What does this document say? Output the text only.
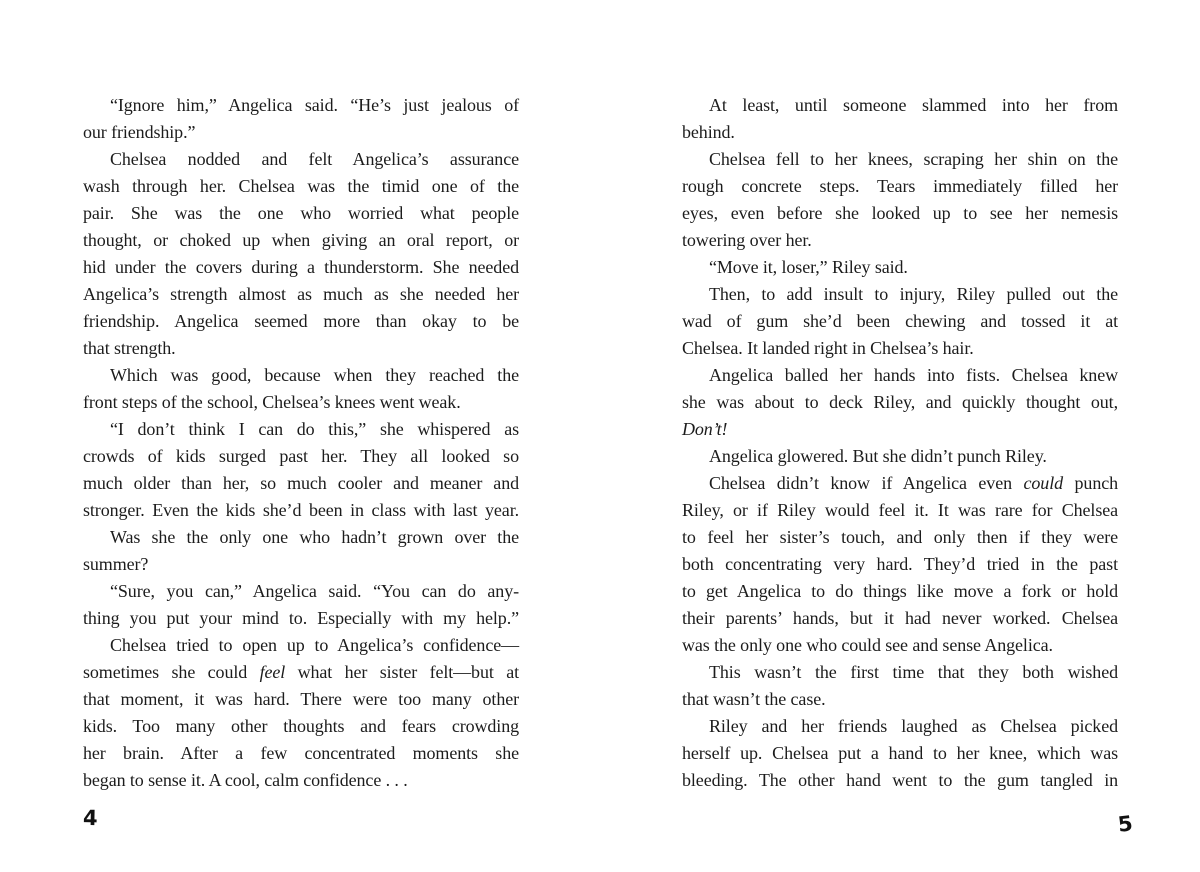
“Ignore him,” Angelica said. “He’s just jealous of
our friendship.”
Chelsea nodded and felt Angelica’s assurance
wash through her. Chelsea was the timid one of the
pair. She was the one who worried what people
thought, or choked up when giving an oral report, or
hid under the covers during a thunderstorm. She needed
Angelica’s strength almost as much as she needed her
friendship. Angelica seemed more than okay to be
that strength.
Which was good, because when they reached the
front steps of the school, Chelsea’s knees went weak.
“I don’t think I can do this,” she whispered as
crowds of kids surged past her. They all looked so
much older than her, so much cooler and meaner and
stronger. Even the kids she’d been in class with last year.
Was she the only one who hadn’t grown over the
summer?
“Sure, you can,” Angelica said. “You can do any-
thing you put your mind to. Especially with my help.”
Chelsea tried to open up to Angelica’s confidence—
sometimes she could feel what her sister felt—but at
that moment, it was hard. There were too many other
kids. Too many other thoughts and fears crowding
her brain. After a few concentrated moments she
began to sense it. A cool, calm confidence . . .
At least, until someone slammed into her from
behind.
Chelsea fell to her knees, scraping her shin on the
rough concrete steps. Tears immediately filled her
eyes, even before she looked up to see her nemesis
towering over her.
“Move it, loser,” Riley said.
Then, to add insult to injury, Riley pulled out the
wad of gum she’d been chewing and tossed it at
Chelsea. It landed right in Chelsea’s hair.
Angelica balled her hands into fists. Chelsea knew
she was about to deck Riley, and quickly thought out,
Don’t!
Angelica glowered. But she didn’t punch Riley.
Chelsea didn’t know if Angelica even could punch
Riley, or if Riley would feel it. It was rare for Chelsea
to feel her sister’s touch, and only then if they were
both concentrating very hard. They’d tried in the past
to get Angelica to do things like move a fork or hold
their parents’ hands, but it had never worked. Chelsea
was the only one who could see and sense Angelica.
This wasn’t the first time that they both wished
that wasn’t the case.
Riley and her friends laughed as Chelsea picked
herself up. Chelsea put a hand to her knee, which was
bleeding. The other hand went to the gum tangled in
4	5
